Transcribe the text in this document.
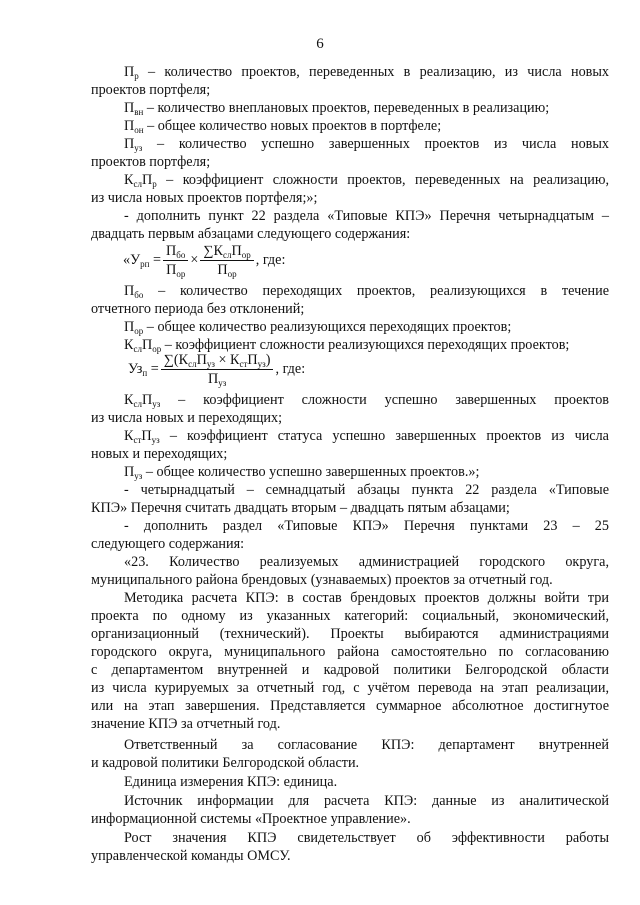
6

$П_р$ – количество проектов, переведенных в реализацию, из числа новых

проектов портфеля;

$П_{вн}$ – количество внеплановых проектов, переведенных в реализацию;

$П_{он}$ – общее количество новых проектов в портфеле;

$П_{уз}$ – количество успешно завершенных проектов из числа новых

проектов портфеля;

$К_{сл}П_р$ – коэффициент сложности проектов, переведенных на реализацию,

из числа новых проектов портфеля;»;

- дополнить пункт 22 раздела «Типовые КПЭ» Перечня четырнадцатым –

двадцать первым абзацами следующего содержания:

«$У_{рп} = \frac{П_{бо}}{П_{ор}} \times \frac{\sum К_{сл}П_{ор}}{П_{ор}}$ , где:

$П_{бо}$ – количество переходящих проектов, реализующихся в течение

отчетного периода без отклонений;

$П_{ор}$ – общее количество реализующихся переходящих проектов;

$К_{сл}П_{ор}$ – коэффициент сложности реализующихся переходящих проектов;

$Уз_п = \frac{\sum(К_{сл}П_{уз} \times К_{ст}П_{уз})}{П_{уз}}$ , где:

$К_{сл}П_{уз}$ – коэффициент сложности успешно завершенных проектов

из числа новых и переходящих;

$К_{ст}П_{уз}$ – коэффициент статуса успешно завершенных проектов из числа

новых и переходящих;

$П_{уз}$ – общее количество успешно завершенных проектов.»;

- четырнадцатый – семнадцатый абзацы пункта 22 раздела «Типовые

КПЭ» Перечня считать двадцать вторым – двадцать пятым абзацами;

- дополнить раздел «Типовые КПЭ» Перечня пунктами 23 – 25

следующего содержания:

«23. Количество реализуемых администрацией городского округа,

муниципального района брендовых (узнаваемых) проектов за отчетный год.

Методика расчета КПЭ: в состав брендовых проектов должны войти три

проекта по одному из указанных категорий: социальный, экономический,

организационный (технический). Проекты выбираются администрациями

городского округа, муниципального района самостоятельно по согласованию

с департаментом внутренней и кадровой политики Белгородской области

из числа курируемых за отчетный год, с учётом перевода на этап реализации,

или на этап завершения. Представляется суммарное абсолютное достигнутое

значение КПЭ за отчетный год.

Ответственный за согласование КПЭ: департамент внутренней

и кадровой политики Белгородской области.

Единица измерения КПЭ: единица.

Источник информации для расчета КПЭ: данные из аналитической

информационной системы «Проектное управление».

Рост значения КПЭ свидетельствует об эффективности работы

управленческой команды ОМСУ.
